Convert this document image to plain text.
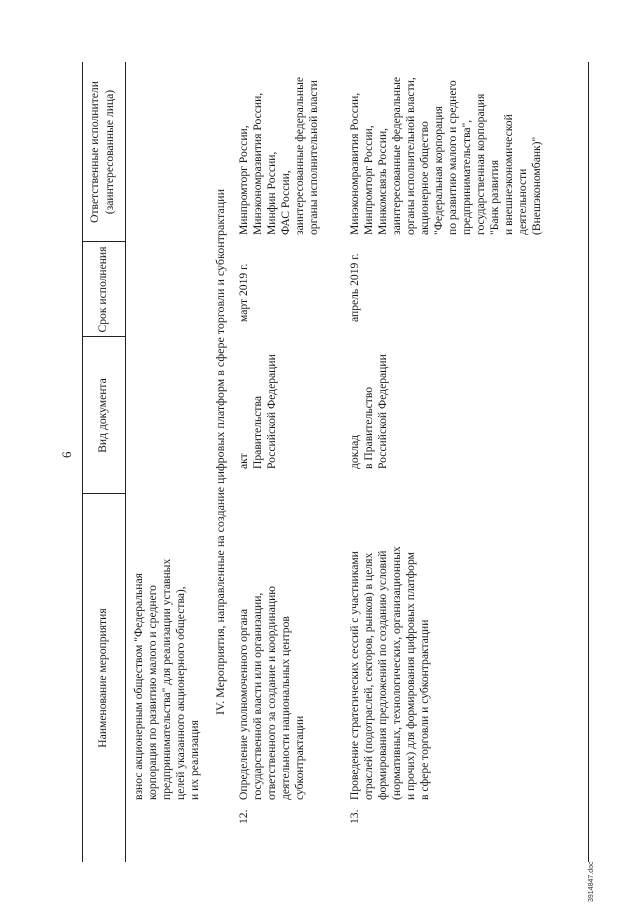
6
Наименование мероприятия
Вид документа
Срок исполнения
Ответственные исполнители (заинтересованные лица)
взнос акционерным обществом "Федеральная корпорация по развитию малого и среднего предпринимательства" для реализации уставных целей указанного акционерного общества), и их реализация
IV. Мероприятия, направленные на создание цифровых платформ в сфере торговли и субконтрактации
12.
Определение уполномоченного органа государственной власти или организации, ответственного за создание и координацию деятельности национальных центров субконтрактации
акт Правительства Российской Федерации
март 2019 г.
Минпромторг России, Минэкономразвития России, Минфин России, ФАС России, заинтересованные федеральные органы исполнительной власти
13.
Проведение стратегических сессий с участниками отраслей (подотраслей, секторов, рынков) в целях формирования предложений по созданию условий (нормативных, технологических, организационных и прочих) для формирования цифровых платформ в сфере торговли и субконтрактации
доклад в Правительство Российской Федерации
апрель 2019 г.
Минэкономразвития России, Минпромторг России, Минкомсвязь России, заинтересованные федеральные органы исполнительной власти, акционерное общество "Федеральная корпорация по развитию малого и среднего предпринимательства", государственная корпорация "Банк развития и внешнеэкономической деятельности (Внешэкономбанк)"
3914847.doc
